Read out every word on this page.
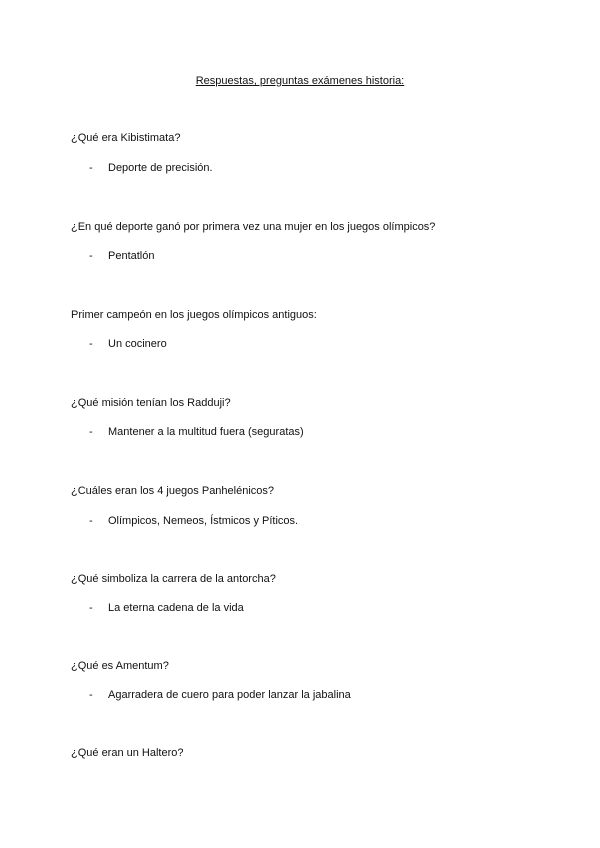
Respuestas, preguntas exámenes historia:
¿Qué era Kibistimata?
- Deporte de precisión.
¿En qué deporte ganó por primera vez una mujer en los juegos olímpicos?
- Pentatlón
Primer campeón en los juegos olímpicos antiguos:
- Un cocinero
¿Qué misión tenían los Radduji?
- Mantener a la multitud fuera (seguratas)
¿Cuáles eran los 4 juegos Panhelénicos?
- Olímpicos, Nemeos, Ístmicos y Píticos.
¿Qué simboliza la carrera de la antorcha?
- La eterna cadena de la vida
¿Qué es Amentum?
- Agarradera de cuero para poder lanzar la jabalina
¿Qué eran un Haltero?
